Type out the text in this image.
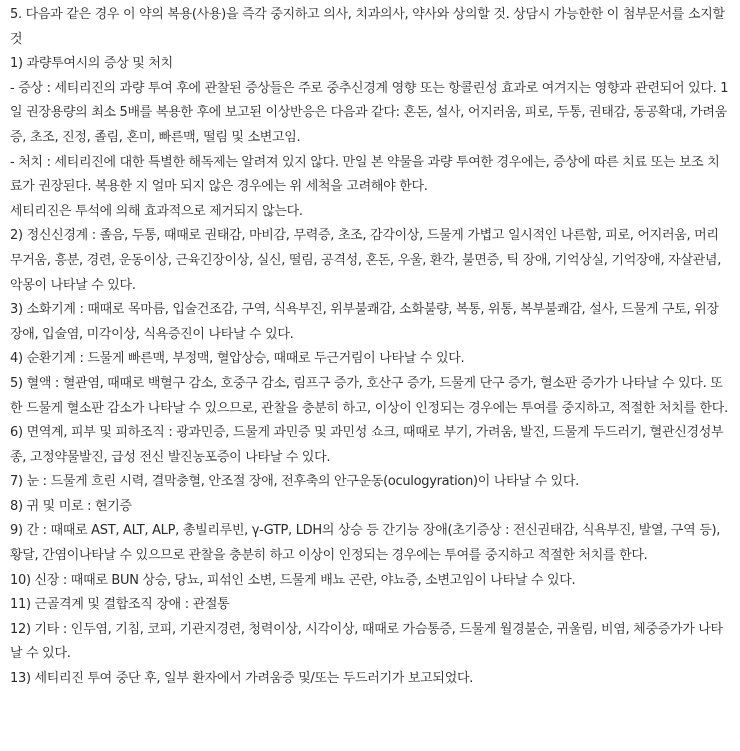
5. 다음과 같은 경우 이 약의 복용(사용)을 즉각 중지하고 의사, 치과의사, 약사와 상의할 것. 상담시 가능한한 이 첨부문서를 소지할 것

1) 과량투여시의 증상 및 처치

- 증상 : 세티리진의 과량 투여 후에 관찰된 증상들은 주로 중추신경계 영향 또는 항콜린성 효과로 여겨지는 영향과 관련되어 있다. 1일 권장용량의 최소 5배를 복용한 후에 보고된 이상반응은 다음과 같다: 혼돈, 설사, 어지러움, 피로, 두통, 권태감, 동공확대, 가려움증, 초조, 진정, 졸림, 혼미, 빠른맥, 떨림 및 소변고임.

- 처치 : 세티리진에 대한 특별한 해독제는 알려져 있지 않다. 만일 본 약물을 과량 투여한 경우에는, 증상에 따른 치료 또는 보조 치료가 권장된다. 복용한 지 얼마 되지 않은 경우에는 위 세척을 고려해야 한다.

세티리진은 투석에 의해 효과적으로 제거되지 않는다.

2) 정신신경계 : 졸음, 두통, 때때로 권태감, 마비감, 무력증, 초조, 감각이상, 드물게 가볍고 일시적인 나른함, 피로, 어지러움, 머리무거움, 흥분, 경련, 운동이상, 근육긴장이상, 실신, 떨림, 공격성, 혼돈, 우울, 환각, 불면증, 틱 장애, 기억상실, 기억장애, 자살관념, 악몽이 나타날 수 있다.

3) 소화기계 : 때때로 목마름, 입술건조감, 구역, 식욕부진, 위부불쾌감, 소화불량, 복통, 위통, 복부불쾌감, 설사, 드물게 구토, 위장장애, 입술염, 미각이상, 식욕증진이 나타날 수 있다.

4) 순환기계 : 드물게 빠른맥, 부정맥, 혈압상승, 때때로 두근거림이 나타날 수 있다.

5) 혈액 : 혈관염, 때때로 백혈구 감소, 호중구 감소, 림프구 증가, 호산구 증가, 드물게 단구 증가, 혈소판 증가가 나타날 수 있다. 또한 드물게 혈소판 감소가 나타날 수 있으므로, 관찰을 충분히 하고, 이상이 인정되는 경우에는 투여를 중지하고, 적절한 처치를 한다.

6) 면역계, 피부 및 피하조직 : 광과민증, 드물게 과민증 및 과민성 쇼크, 때때로 부기, 가려움, 발진, 드물게 두드러기, 혈관신경성부종, 고정약물발진, 급성 전신 발진농포증이 나타날 수 있다.

7) 눈 : 드물게 흐린 시력, 결막충혈, 안조절 장애, 전후축의 안구운동(oculogyration)이 나타날 수 있다.

8) 귀 및 미로 : 현기증

9) 간 : 때때로 AST, ALT, ALP, 총빌리루빈, γ-GTP, LDH의 상승 등 간기능 장애(초기증상 : 전신권태감, 식욕부진, 발열, 구역 등),황달, 간염이나타날 수 있으므로 관찰을 충분히 하고 이상이 인정되는 경우에는 투여를 중지하고 적절한 처치를 한다.

10) 신장 : 때때로 BUN 상승, 당뇨, 피섞인 소변, 드물게 배뇨 곤란, 야뇨증, 소변고임이 나타날 수 있다.

11) 근골격계 및 결합조직 장애 : 관절통

12) 기타 : 인두염, 기침, 코피, 기관지경련, 청력이상, 시각이상, 때때로 가슴통증, 드물게 월경불순, 귀울림, 비염, 체중증가가 나타날 수 있다.

13) 세티리진 투여 중단 후, 일부 환자에서 가려움증 및/또는 두드러기가 보고되었다.
